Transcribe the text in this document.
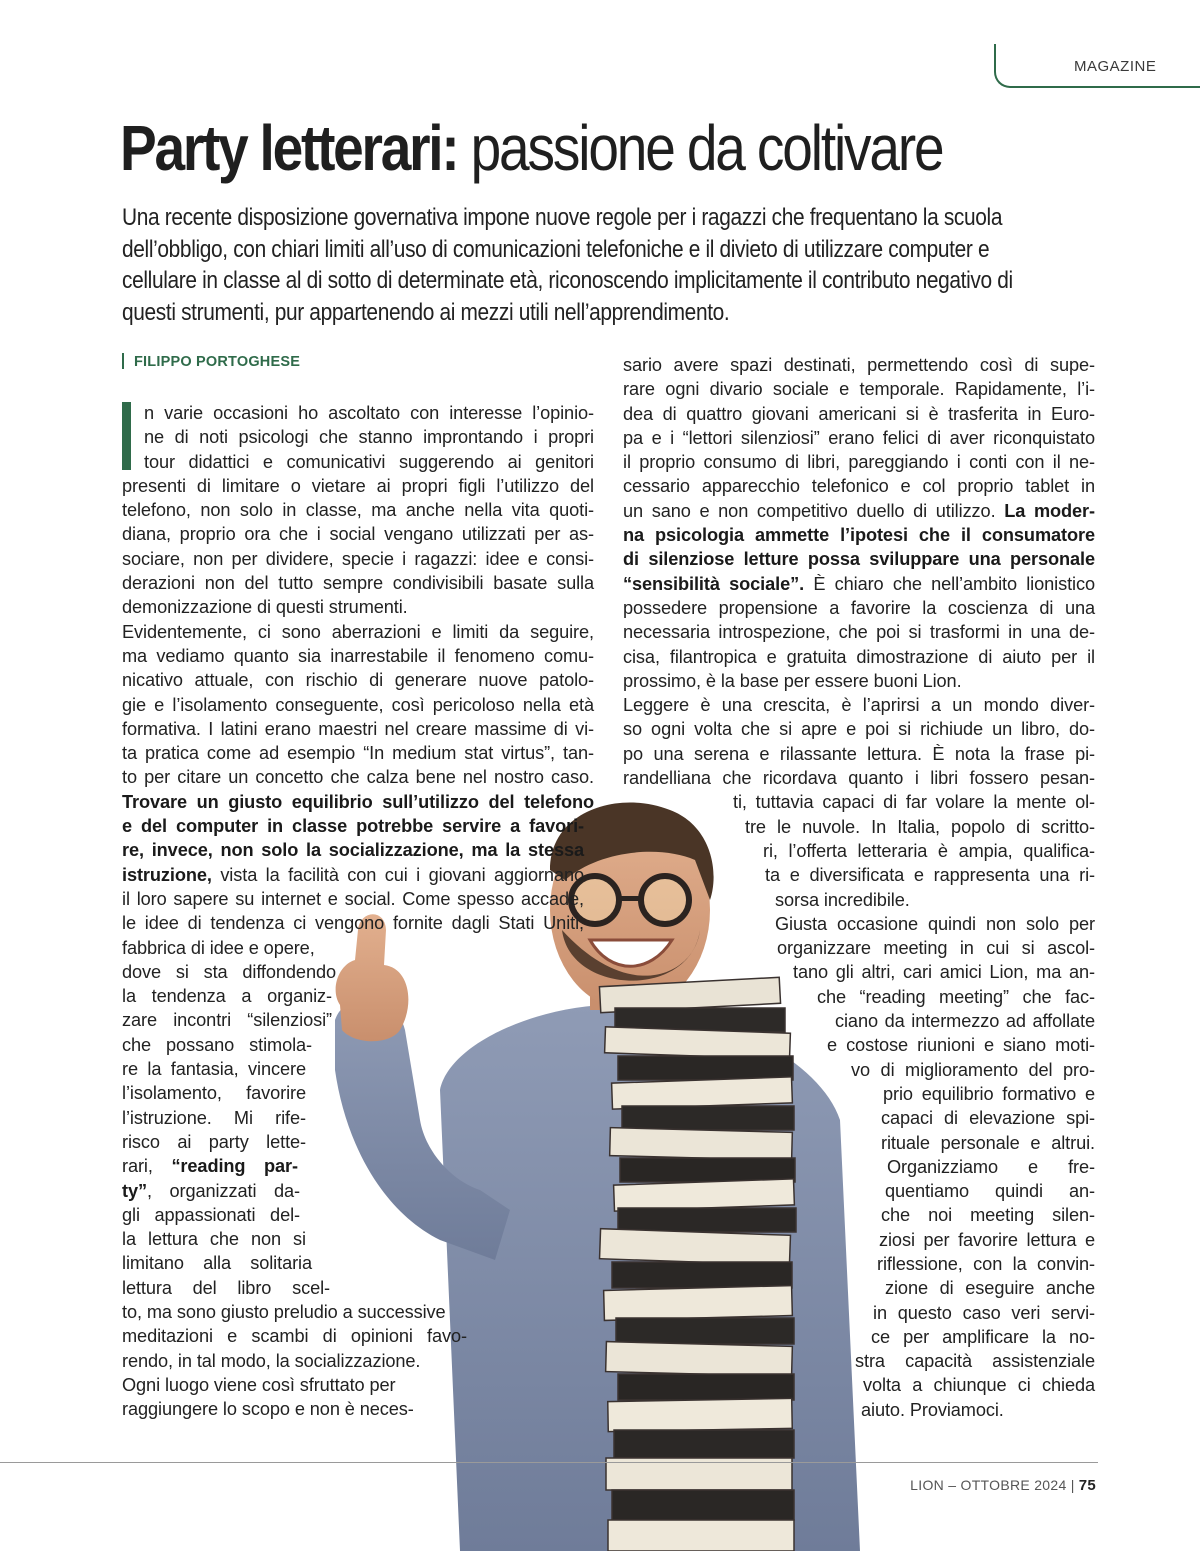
MAGAZINE
Party letterari: passione da coltivare

Una recente disposizione governativa impone nuove regole per i ragazzi che frequentano la scuola dell’obbligo, con chiari limiti all’uso di comunicazioni telefoniche e il divieto di utilizzare computer e cellulare in classe al di sotto di determinate età, riconoscendo implicitamente il contributo negativo di questi strumenti, pur appartenendo ai mezzi utili nell’apprendimento.

FILIPPO PORTOGHESE
n varie occasioni ho ascoltato con interesse l’opinio-
ne di noti psicologi che stanno improntando i propri
tour didattici e comunicativi suggerendo ai genitori
presenti di limitare o vietare ai propri figli l’utilizzo del
telefono, non solo in classe, ma anche nella vita quoti-
diana, proprio ora che i social vengano utilizzati per as-
sociare, non per dividere, specie i ragazzi: idee e consi-
derazioni non del tutto sempre condivisibili basate sulla
demonizzazione di questi strumenti.
Evidentemente, ci sono aberrazioni e limiti da seguire,
ma vediamo quanto sia inarrestabile il fenomeno comu-
nicativo attuale, con rischio di generare nuove patolo-
gie e l’isolamento conseguente, così pericoloso nella età
formativa. I latini erano maestri nel creare massime di vi-
ta pratica come ad esempio “In medium stat virtus”, tan-
to per citare un concetto che calza bene nel nostro caso.
Trovare un giusto equilibrio sull’utilizzo del telefono
e del computer in classe potrebbe servire a favori-
re, invece, non solo la socializzazione, ma la stessa
istruzione, vista la facilità con cui i giovani aggiornano
il loro sapere su internet e social. Come spesso accade,
le idee di tendenza ci vengono fornite dagli Stati Uniti,
fabbrica di idee e opere,
dove si sta diffondendo
la tendenza a organiz-
zare incontri “silenziosi”
che possano stimola-
re la fantasia, vincere
l’isolamento, favorire
l’istruzione. Mi rife-
risco ai party lette-
rari, “reading par-
ty”, organizzati da-
gli appassionati del-
la lettura che non si
limitano alla solitaria
lettura del libro scel-
to, ma sono giusto preludio a successive
meditazioni e scambi di opinioni favo-
rendo, in tal modo, la socializzazione.
Ogni luogo viene così sfruttato per
raggiungere lo scopo e non è neces-
sario avere spazi destinati, permettendo così di supe-
rare ogni divario sociale e temporale. Rapidamente, l’i-
dea di quattro giovani americani si è trasferita in Euro-
pa e i “lettori silenziosi” erano felici di aver riconquistato
il proprio consumo di libri, pareggiando i conti con il ne-
cessario apparecchio telefonico e col proprio tablet in
un sano e non competitivo duello di utilizzo. La moder-
na psicologia ammette l’ipotesi che il consumatore
di silenziose letture possa sviluppare una personale
“sensibilità sociale”. È chiaro che nell’ambito lionistico
possedere propensione a favorire la coscienza di una
necessaria introspezione, che poi si trasformi in una de-
cisa, filantropica e gratuita dimostrazione di aiuto per il
prossimo, è la base per essere buoni Lion.
Leggere è una crescita, è l’aprirsi a un mondo diver-
so ogni volta che si apre e poi si richiude un libro, do-
po una serena e rilassante lettura. È nota la frase pi-
randelliana che ricordava quanto i libri fossero pesan-
ti, tuttavia capaci di far volare la mente ol-
tre le nuvole. In Italia, popolo di scritto-
ri, l’offerta letteraria è ampia, qualifica-
ta e diversificata e rappresenta una ri-
sorsa incredibile.
Giusta occasione quindi non solo per
organizzare meeting in cui si ascol-
tano gli altri, cari amici Lion, ma an-
che “reading meeting” che fac-
ciano da intermezzo ad affollate
e costose riunioni e siano moti-
vo di miglioramento del pro-
prio equilibrio formativo e
capaci di elevazione spi-
rituale personale e altrui.
Organizziamo e fre-
quentiamo quindi an-
che noi meeting silen-
ziosi per favorire lettura e
riflessione, con la convin-
zione di eseguire anche
in questo caso veri servi-
ce per amplificare la no-
stra capacità assistenziale
volta a chiunque ci chieda
aiuto. Proviamoci.
LION – OTTOBRE 2024 | 75
